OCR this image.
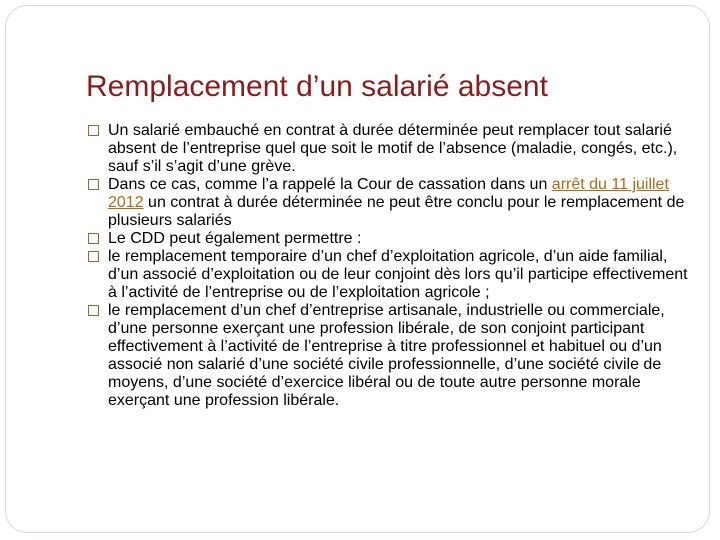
Remplacement d’un salarié absent
Un salarié embauché en contrat à durée déterminée peut remplacer tout salarié absent de l’entreprise quel que soit le motif de l’absence (maladie, congés, etc.), sauf s’il s’agit d’une grève.
Dans ce cas, comme l’a rappelé la Cour de cassation dans un arrêt du 11 juillet 2012 un contrat à durée déterminée ne peut être conclu pour le remplacement de plusieurs salariés
Le CDD peut également permettre :
le remplacement temporaire d’un chef d’exploitation agricole, d’un aide familial, d’un associé d’exploitation ou de leur conjoint dès lors qu’il participe effectivement à l’activité de l’entreprise ou de l’exploitation agricole ;
le remplacement d’un chef d’entreprise artisanale, industrielle ou commerciale, d’une personne exerçant une profession libérale, de son conjoint participant effectivement à l’activité de l’entreprise à titre professionnel et habituel ou d’un associé non salarié d’une société civile professionnelle, d’une société civile de moyens, d’une société d’exercice libéral ou de toute autre personne morale exerçant une profession libérale.
